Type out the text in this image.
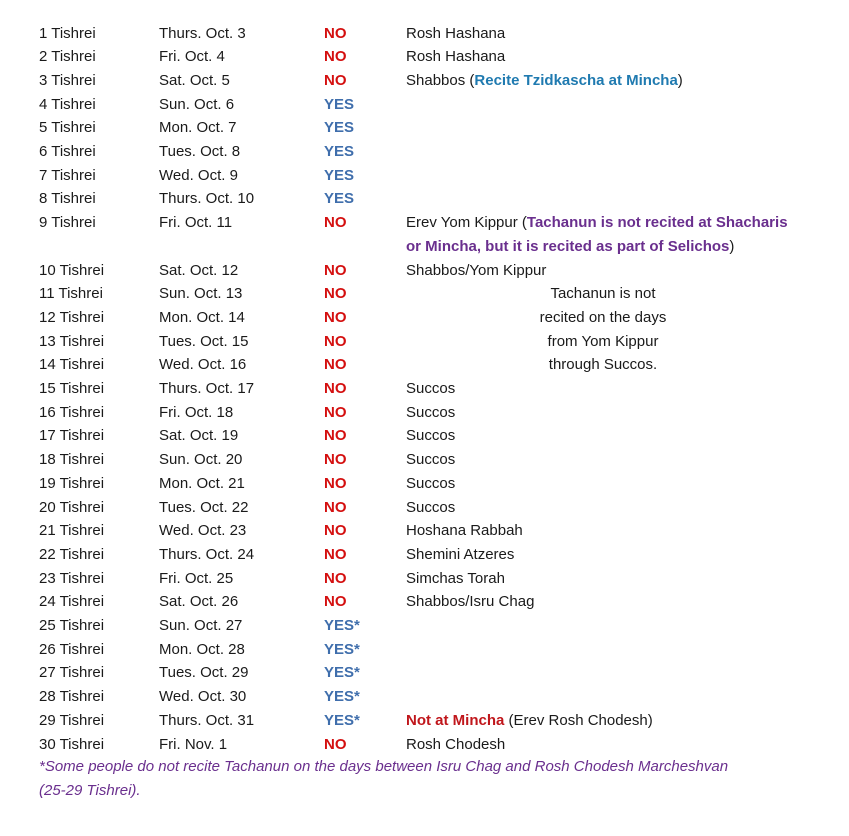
1 Tishrei	Thurs. Oct. 3	NO	Rosh Hashana
2 Tishrei	Fri. Oct. 4	NO	Rosh Hashana
3 Tishrei	Sat. Oct. 5	NO	Shabbos (Recite Tzidkascha at Mincha)
4 Tishrei	Sun. Oct. 6	YES
5 Tishrei	Mon. Oct. 7	YES
6 Tishrei	Tues. Oct. 8	YES
7 Tishrei	Wed. Oct. 9	YES
8 Tishrei	Thurs. Oct. 10	YES
9 Tishrei	Fri. Oct. 11	NO	Erev Yom Kippur (Tachanun is not recited at Shacharis
or Mincha, but it is recited as part of Selichos)
10 Tishrei	Sat. Oct. 12	NO	Shabbos/Yom Kippur
11 Tishrei	Sun. Oct. 13	NO	Tachanun is not
12 Tishrei	Mon. Oct. 14	NO	recited on the days
13 Tishrei	Tues. Oct. 15	NO	from Yom Kippur
14 Tishrei	Wed. Oct. 16	NO	through Succos.
15 Tishrei	Thurs. Oct. 17	NO	Succos
16 Tishrei	Fri. Oct. 18	NO	Succos
17 Tishrei	Sat. Oct. 19	NO	Succos
18 Tishrei	Sun. Oct. 20	NO	Succos
19 Tishrei	Mon. Oct. 21	NO	Succos
20 Tishrei	Tues. Oct. 22	NO	Succos
21 Tishrei	Wed. Oct. 23	NO	Hoshana Rabbah
22 Tishrei	Thurs. Oct. 24	NO	Shemini Atzeres
23 Tishrei	Fri. Oct. 25	NO	Simchas Torah
24 Tishrei	Sat. Oct. 26	NO	Shabbos/Isru Chag
25 Tishrei	Sun. Oct. 27	YES*
26 Tishrei	Mon. Oct. 28	YES*
27 Tishrei	Tues. Oct. 29	YES*
28 Tishrei	Wed. Oct. 30	YES*
29 Tishrei	Thurs. Oct. 31	YES*	Not at Mincha (Erev Rosh Chodesh)
30 Tishrei	Fri. Nov. 1	NO	Rosh Chodesh
*Some people do not recite Tachanun on the days between Isru Chag and Rosh Chodesh Marcheshvan
(25-29 Tishrei).
